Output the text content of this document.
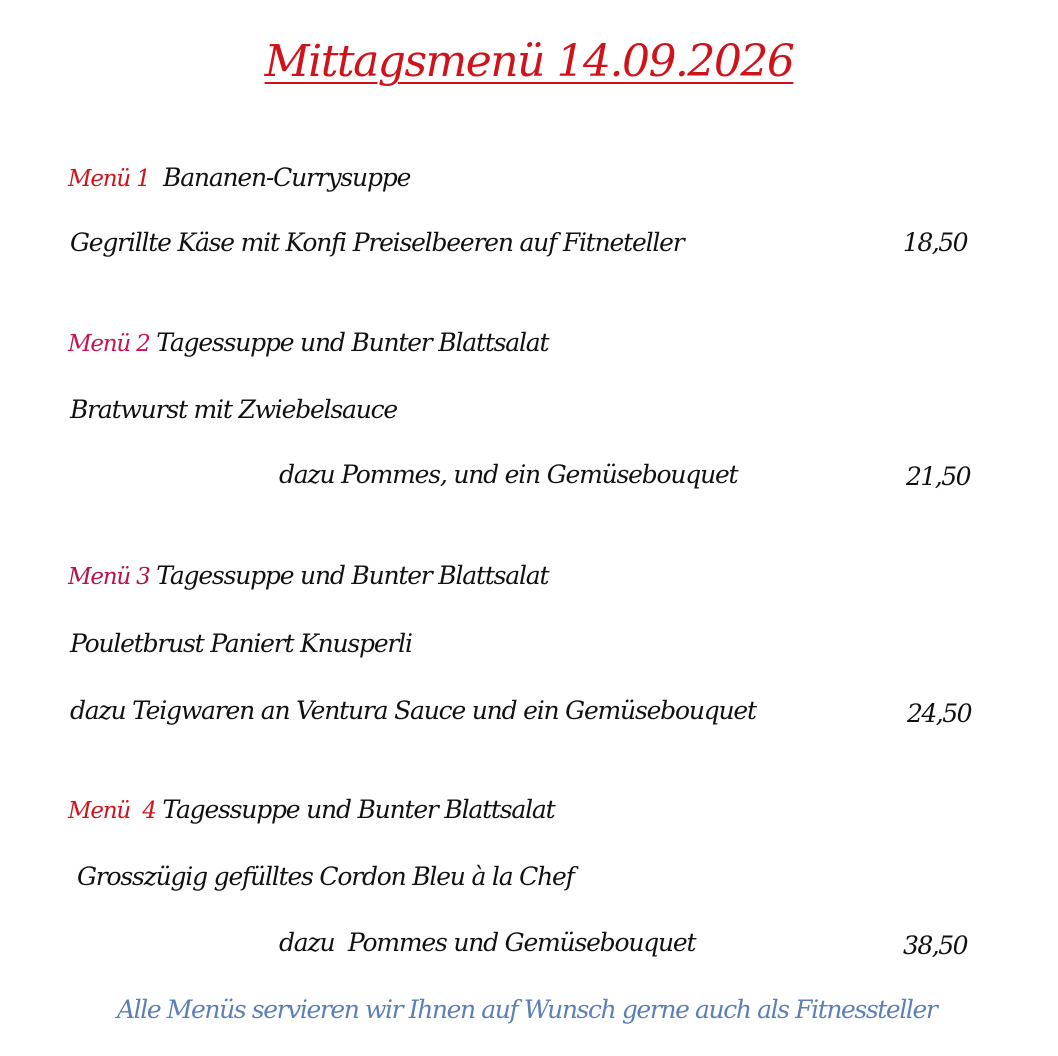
Mittagsmenü 14.09.2026
Menü 1 Bananen-Currysuppe
Gegrillte Käse mit Konfi Preiselbeeren auf Fitneteller	18,50
Menü 2 Tagessuppe und Bunter Blattsalat
Bratwurst mit Zwiebelsauce
dazu Pommes, und ein Gemüsebouquet	21,50
Menü 3 Tagessuppe und Bunter Blattsalat
Pouletbrust Paniert Knusperli
dazu Teigwaren an Ventura Sauce und ein Gemüsebouquet	24,50
Menü  4 Tagessuppe und Bunter Blattsalat
Grosszügig gefülltes Cordon Bleu à la Chef
dazu  Pommes und Gemüsebouquet	38,50
Alle Menüs servieren wir Ihnen auf Wunsch gerne auch als Fitnessteller
